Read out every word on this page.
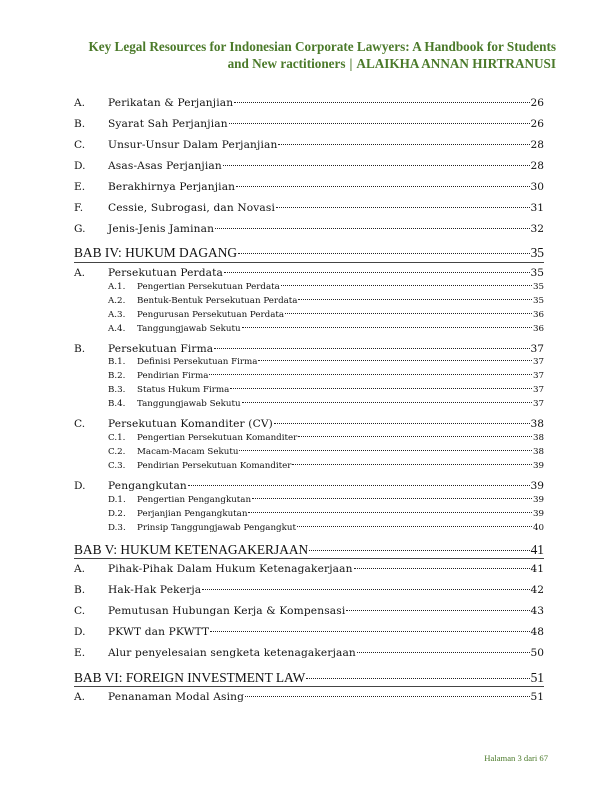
Key Legal Resources for Indonesian Corporate Lawyers: A Handbook for Students
and New ractitioners | ALAIKHA ANNAN HIRTRANUSI
A.	Perikatan & Perjanjian	26
B.	Syarat Sah Perjanjian	26
C.	Unsur-Unsur Dalam Perjanjian	28
D.	Asas-Asas Perjanjian	28
E.	Berakhirnya Perjanjian	30
F.	Cessie, Subrogasi, dan Novasi	31
G.	Jenis-Jenis Jaminan	32
BAB IV: HUKUM DAGANG	35
A.	Persekutuan Perdata	35
A.1.	Pengertian Persekutuan Perdata	35
A.2.	Bentuk-Bentuk Persekutuan Perdata	35
A.3.	Pengurusan Persekutuan Perdata	36
A.4.	Tanggungjawab Sekutu	36
B.	Persekutuan Firma	37
B.1.	Definisi Persekutuan Firma	37
B.2.	Pendirian Firma	37
B.3.	Status Hukum Firma	37
B.4.	Tanggungjawab Sekutu	37
C.	Persekutuan Komanditer (CV)	38
C.1.	Pengertian Persekutuan Komanditer	38
C.2.	Macam-Macam Sekutu	38
C.3.	Pendirian Persekutuan Komanditer	39
D.	Pengangkutan	39
D.1.	Pengertian Pengangkutan	39
D.2.	Perjanjian Pengangkutan	39
D.3.	Prinsip Tanggungjawab Pengangkut	40
BAB V: HUKUM KETENAGAKERJAAN	41
A.	Pihak-Pihak Dalam Hukum Ketenagakerjaan	41
B.	Hak-Hak Pekerja	42
C.	Pemutusan Hubungan Kerja & Kompensasi	43
D.	PKWT dan PKWTT	48
E.	Alur penyelesaian sengketa ketenagakerjaan	50
BAB VI: FOREIGN INVESTMENT LAW	51
A.	Penanaman Modal Asing	51
Halaman 3 dari 67
